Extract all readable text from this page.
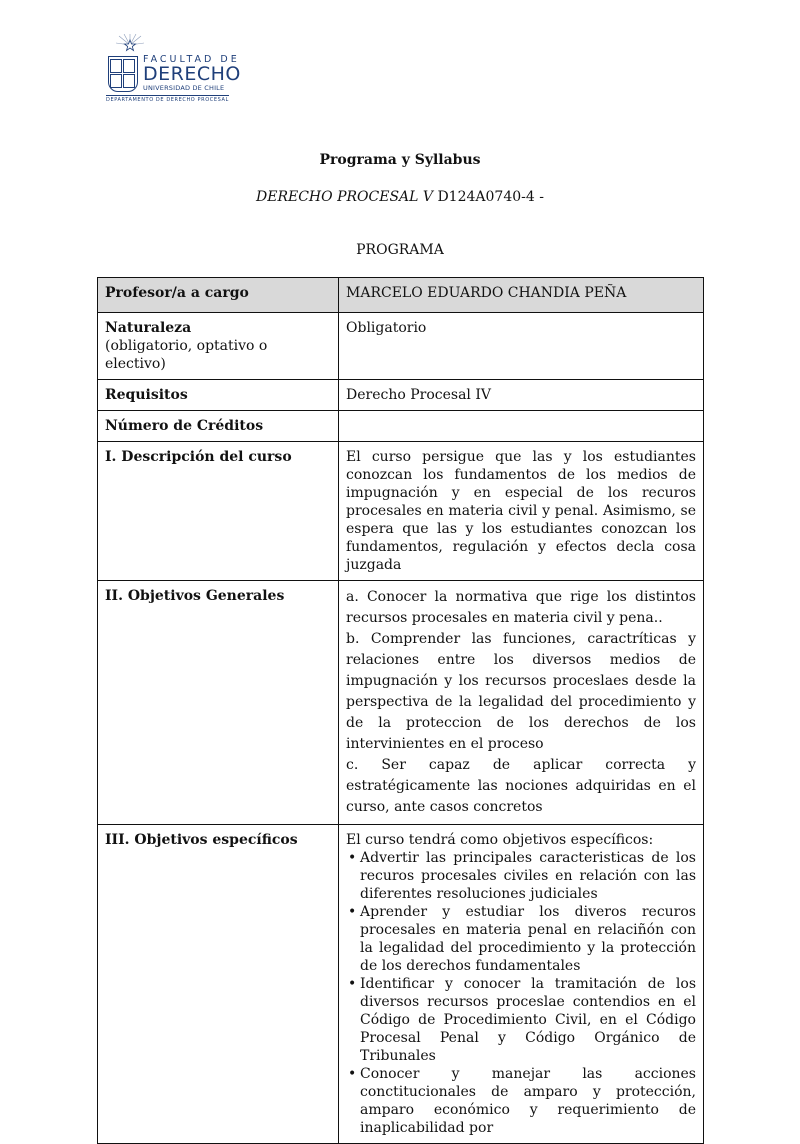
FACULTAD DE
DERECHO
UNIVERSIDAD DE CHILE
DEPARTAMENTO DE DERECHO PROCESAL
Programa y Syllabus
DERECHO PROCESAL V D124A0740-4 -
PROGRAMA
Profesor/a a cargo	MARCELO EDUARDO CHANDIA PEÑA

Naturaleza
(obligatorio, optativo o electivo)	Obligatorio
Requisitos	Derecho Procesal IV
Número de Créditos	
I. Descripción del curso	El curso persigue que las y los estudiantes conozcan los fundamentos de los medios de impugnación y en especial de los recuros procesales en materia civil y penal. Asimismo, se espera que las y los estudiantes conozcan los fundamentos, regulación y efectos decla cosa juzgada
II. Objetivos Generales	a. Conocer la normativa que rige los distintos recursos procesales en materia civil y pena..

b. Comprender las funciones, caractríticas y relaciones entre los diversos medios de impugnación y los recursos proceslaes desde la perspectiva de la legalidad del procedimiento y de la proteccion de los derechos de los intervinientes en el proceso

c. Ser capaz de aplicar correcta y estratégicamente las nociones adquiridas en el curso, ante casos concretos

III. Objetivos específicos	El curso tendrá como objetivos específicos:

• Advertir las principales caracteristicas de los recuros procesales civiles en relación con las diferentes resoluciones judiciales
• Aprender y estudiar los diveros recuros procesales en materia penal en relaciñón con la legalidad del procedimiento y la protección de los derechos fundamentales
• Identificar y conocer la tramitación de los diversos recursos proceslae contendios en el Código de Procedimiento Civil, en el Código Procesal Penal y Código Orgánico de Tribunales
• Conocer y manejar las acciones conctitucionales de amparo y protección, amparo económico y requerimiento de inaplicabilidad por
